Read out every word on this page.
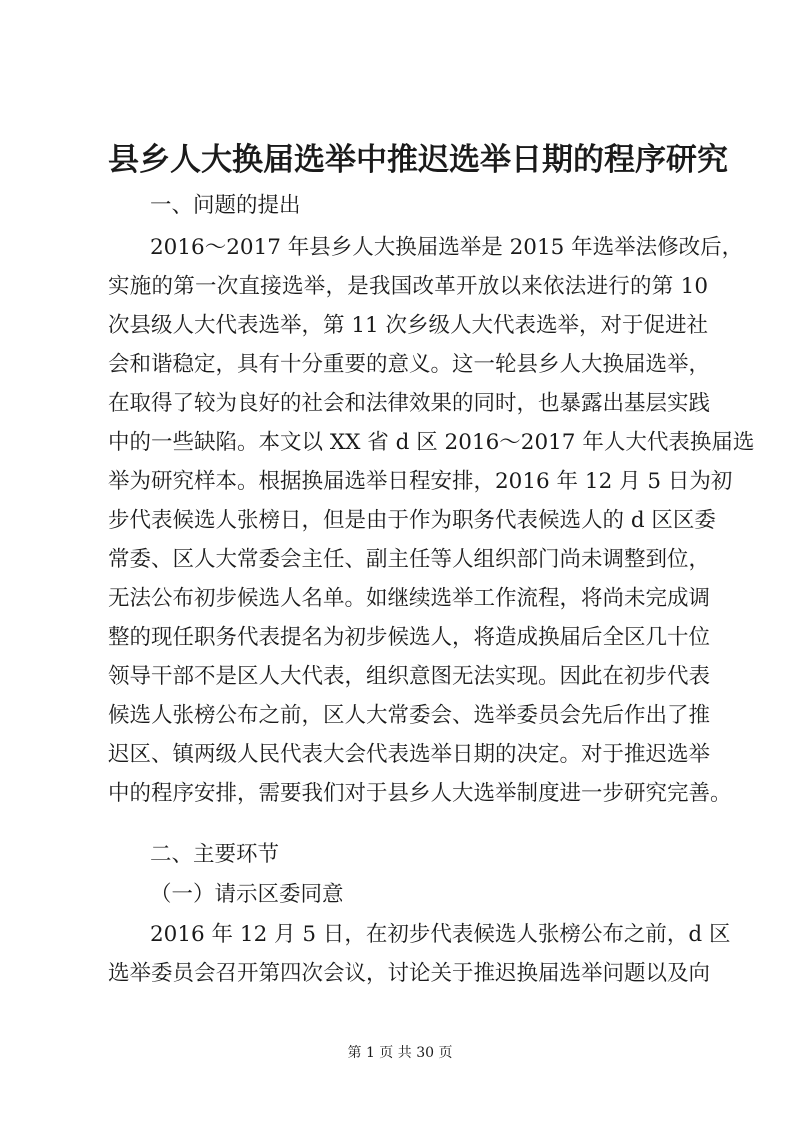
县乡人大换届选举中推迟选举日期的程序研究
一、问题的提出
2016～2017 年县乡人大换届选举是 2015 年选举法修改后，
实施的第一次直接选举，是我国改革开放以来依法进行的第 10
次县级人大代表选举，第 11 次乡级人大代表选举，对于促进社
会和谐稳定，具有十分重要的意义。这一轮县乡人大换届选举，
在取得了较为良好的社会和法律效果的同时，也暴露出基层实践
中的一些缺陷。本文以 XX 省 d 区 2016～2017 年人大代表换届选
举为研究样本。根据换届选举日程安排，2016 年 12 月 5 日为初
步代表候选人张榜日，但是由于作为职务代表候选人的 d 区区委
常委、区人大常委会主任、副主任等人组织部门尚未调整到位，
无法公布初步候选人名单。如继续选举工作流程，将尚未完成调
整的现任职务代表提名为初步候选人，将造成换届后全区几十位
领导干部不是区人大代表，组织意图无法实现。因此在初步代表
候选人张榜公布之前，区人大常委会、选举委员会先后作出了推
迟区、镇两级人民代表大会代表选举日期的决定。对于推迟选举
中的程序安排，需要我们对于县乡人大选举制度进一步研究完善。
二、主要环节
（一）请示区委同意
2016 年 12 月 5 日，在初步代表候选人张榜公布之前，d 区
选举委员会召开第四次会议，讨论关于推迟换届选举问题以及向
第 1 页 共 30 页
